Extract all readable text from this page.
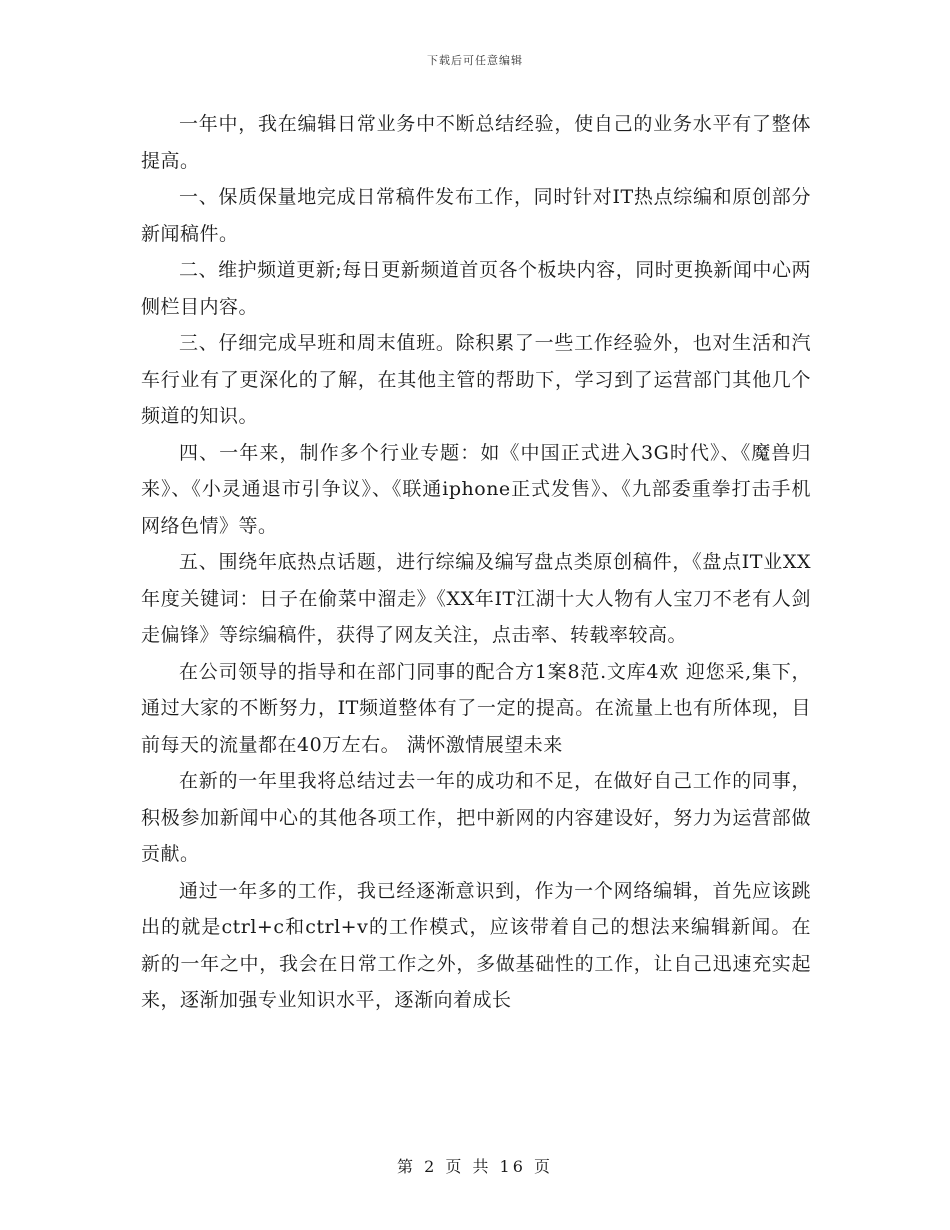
下载后可任意编辑

一年中，我在编辑日常业务中不断总结经验，使自己的业务水平有了整体提高。

一、保质保量地完成日常稿件发布工作，同时针对IT热点综编和原创部分新闻稿件。

二、维护频道更新;每日更新频道首页各个板块内容，同时更换新闻中心两侧栏目内容。

三、仔细完成早班和周末值班。除积累了一些工作经验外，也对生活和汽车行业有了更深化的了解，在其他主管的帮助下，学习到了运营部门其他几个频道的知识。

四、一年来，制作多个行业专题：如《中国正式进入3G时代》、《魔兽归来》、《小灵通退市引争议》、《联通iphone正式发售》、《九部委重拳打击手机网络色情》等。

五、围绕年底热点话题，进行综编及编写盘点类原创稿件，《盘点IT业XX年度关键词：日子在偷菜中溜走》《XX年IT江湖十大人物有人宝刀不老有人剑走偏锋》等综编稿件，获得了网友关注，点击率、转载率较高。

在公司领导的指导和在部门同事的配合方1案8范.文库4欢 迎您采,集下，通过大家的不断努力，IT频道整体有了一定的提高。在流量上也有所体现，目前每天的流量都在40万左右。 满怀激情展望未来

在新的一年里我将总结过去一年的成功和不足，在做好自己工作的同事，积极参加新闻中心的其他各项工作，把中新网的内容建设好，努力为运营部做贡献。

通过一年多的工作，我已经逐渐意识到，作为一个网络编辑，首先应该跳出的就是ctrl+c和ctrl+v的工作模式，应该带着自己的想法来编辑新闻。在新的一年之中，我会在日常工作之外，多做基础性的工作，让自己迅速充实起来，逐渐加强专业知识水平，逐渐向着成长

第 2 页 共 16 页
